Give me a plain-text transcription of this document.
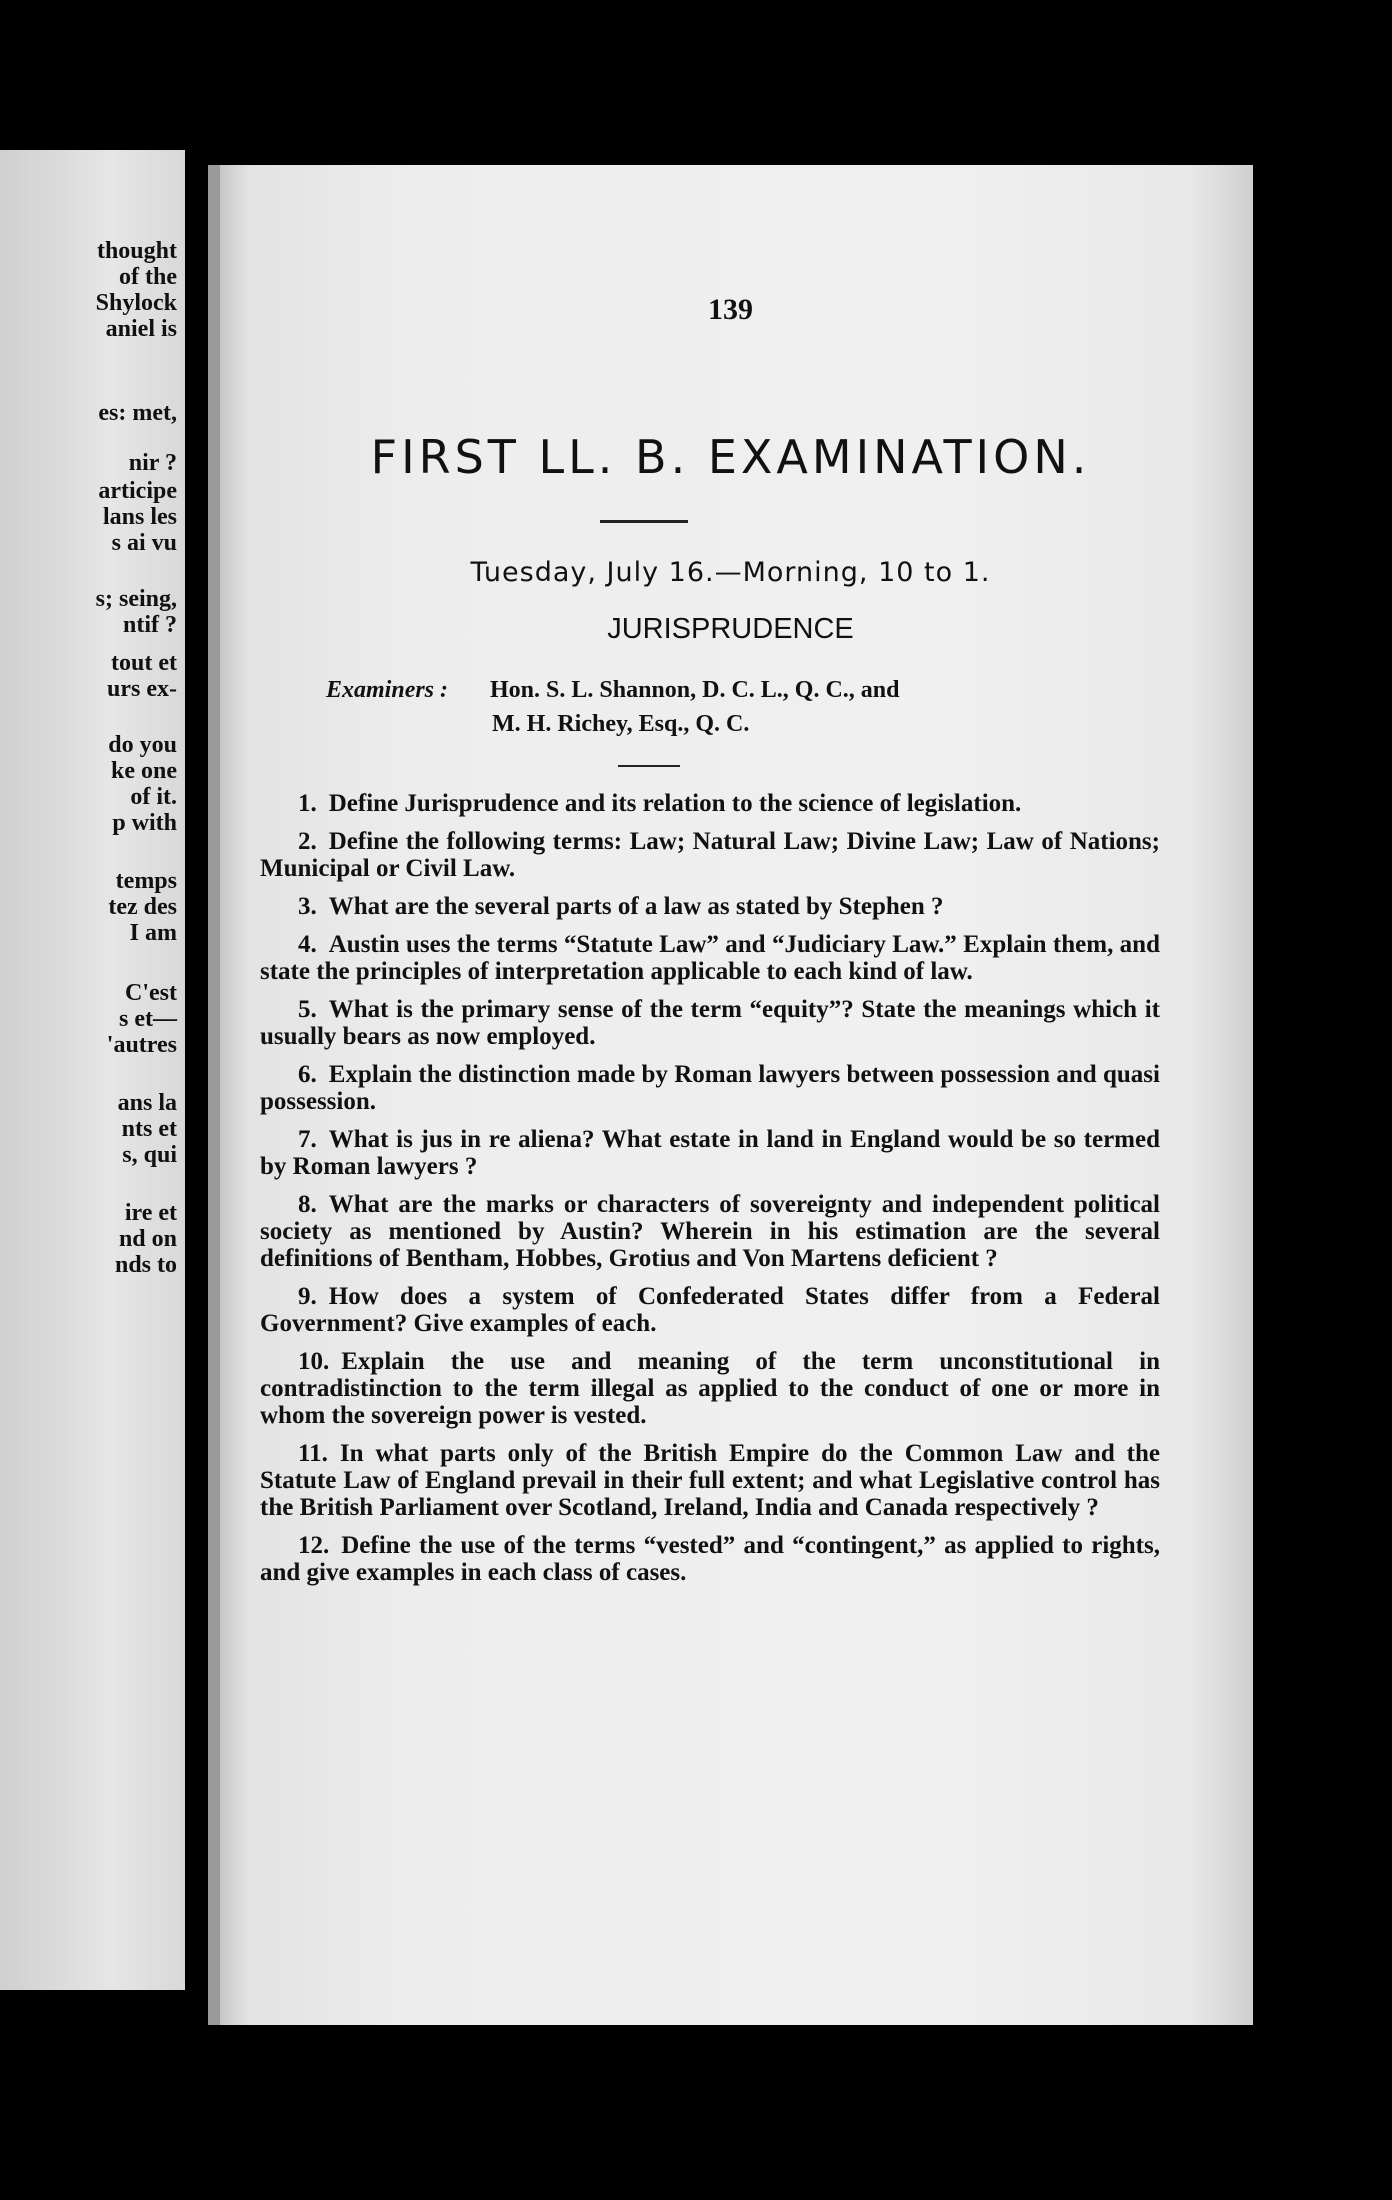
thought
of the
Shylock
aniel is
es: met,
nir ?
articipe
lans les
s ai vu
s; seing,
ntif ?
tout et
urs ex-
do you
ke one
of it.
p with
temps
tez des
I am
C'est
s et—
'autres
ans la
nts et
s, qui
ire et
nd on
nds to
139
FIRST LL. B. EXAMINATION.
Tuesday, July 16.—Morning, 10 to 1.
JURISPRUDENCE
Examiners : Hon. S. L. Shannon, D. C. L., Q. C., and
M. H. Richey, Esq., Q. C.
1. Define Jurisprudence and its relation to the science of legislation.
2. Define the following terms: Law; Natural Law; Divine Law; Law of Nations; Municipal or Civil Law.
3. What are the several parts of a law as stated by Stephen ?
4. Austin uses the terms “Statute Law” and “Judiciary Law.” Explain them, and state the principles of interpretation applicable to each kind of law.
5. What is the primary sense of the term “equity”? State the meanings which it usually bears as now employed.
6. Explain the distinction made by Roman lawyers between possession and quasi possession.
7. What is jus in re aliena? What estate in land in England would be so termed by Roman lawyers ?
8. What are the marks or characters of sovereignty and independent political society as mentioned by Austin? Wherein in his estimation are the several definitions of Bentham, Hobbes, Grotius and Von Martens deficient ?
9. How does a system of Confederated States differ from a Federal Government? Give examples of each.
10. Explain the use and meaning of the term unconstitutional in contradistinction to the term illegal as applied to the conduct of one or more in whom the sovereign power is vested.
11. In what parts only of the British Empire do the Common Law and the Statute Law of England prevail in their full extent; and what Legislative control has the British Parliament over Scotland, Ireland, India and Canada respectively ?
12. Define the use of the terms “vested” and “contingent,” as applied to rights, and give examples in each class of cases.
